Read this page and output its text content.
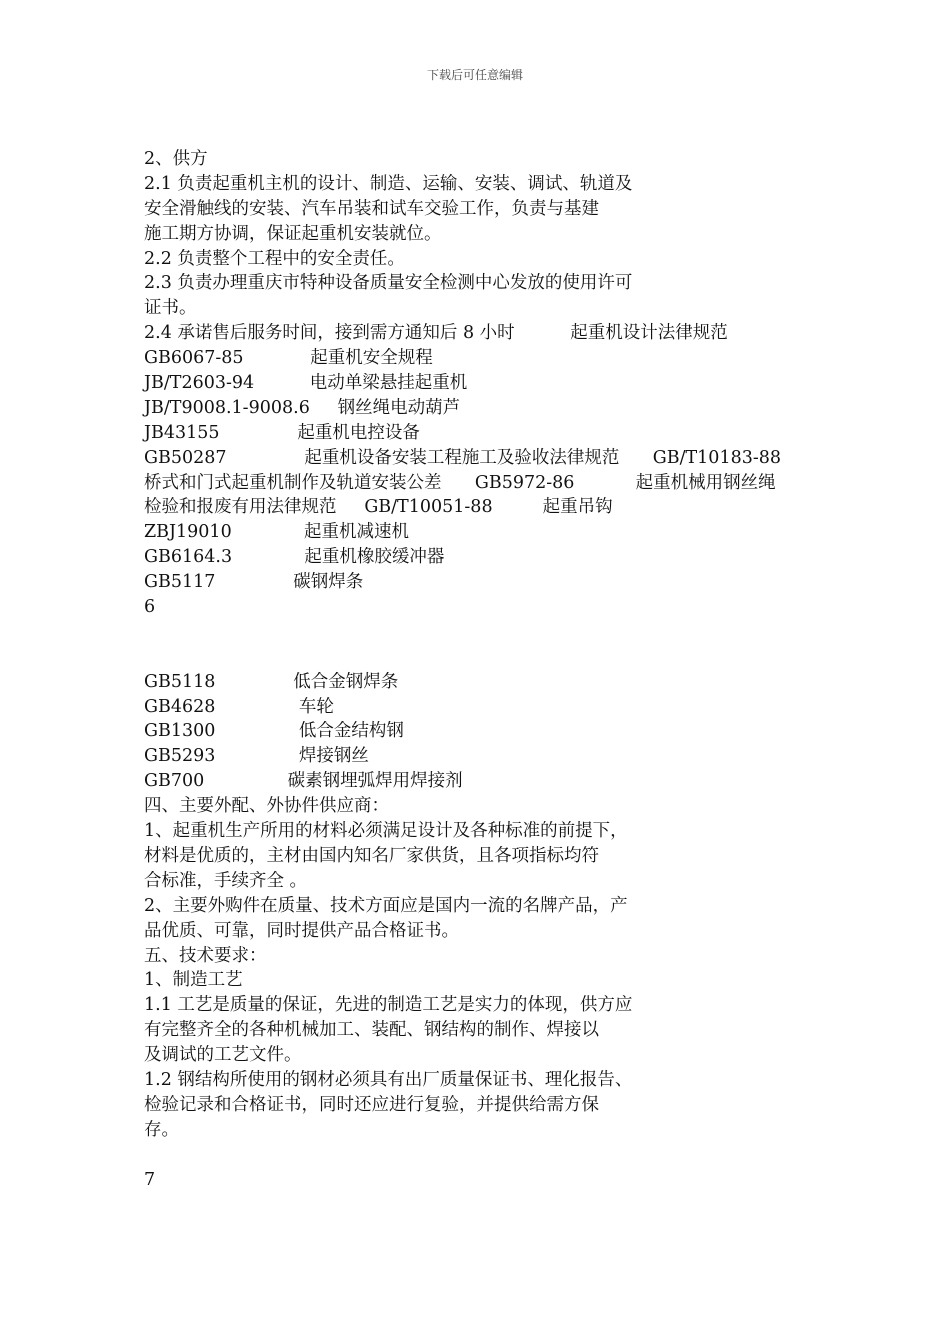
下载后可任意编辑
2、供方
2.1 负责起重机主机的设计、制造、运输、安装、调试、轨道及
安全滑触线的安装、汽车吊装和试车交验工作，负责与基建
施工期方协调，保证起重机安装就位。
2.2 负责整个工程中的安全责任。
2.3 负责办理重庆市特种设备质量安全检测中心发放的使用许可
证书。
2.4 承诺售后服务时间，接到需方通知后 8 小时          起重机设计法律规范
GB6067-85            起重机安全规程
JB/T2603-94          电动单梁悬挂起重机
JB/T9008.1-9008.6     钢丝绳电动葫芦
JB43155              起重机电控设备
GB50287              起重机设备安装工程施工及验收法律规范      GB/T10183-88
桥式和门式起重机制作及轨道安装公差      GB5972-86           起重机械用钢丝绳
检验和报废有用法律规范     GB/T10051-88         起重吊钩
ZBJ19010             起重机减速机
GB6164.3             起重机橡胶缓冲器
GB5117              碳钢焊条
6
GB5118              低合金钢焊条
GB4628               车轮
GB1300               低合金结构钢
GB5293               焊接钢丝
GB700               碳素钢埋弧焊用焊接剂
四、主要外配、外协件供应商：
1、起重机生产所用的材料必须满足设计及各种标准的前提下，
材料是优质的，主材由国内知名厂家供货，且各项指标均符
合标准，手续齐全 。
2、主要外购件在质量、技术方面应是国内一流的名牌产品，产
品优质、可靠，同时提供产品合格证书。
五、技术要求：
1、制造工艺
1.1 工艺是质量的保证，先进的制造工艺是实力的体现，供方应
有完整齐全的各种机械加工、装配、钢结构的制作、焊接以
及调试的工艺文件。
1.2 钢结构所使用的钢材必须具有出厂质量保证书、理化报告、
检验记录和合格证书，同时还应进行复验，并提供给需方保
存。
7
